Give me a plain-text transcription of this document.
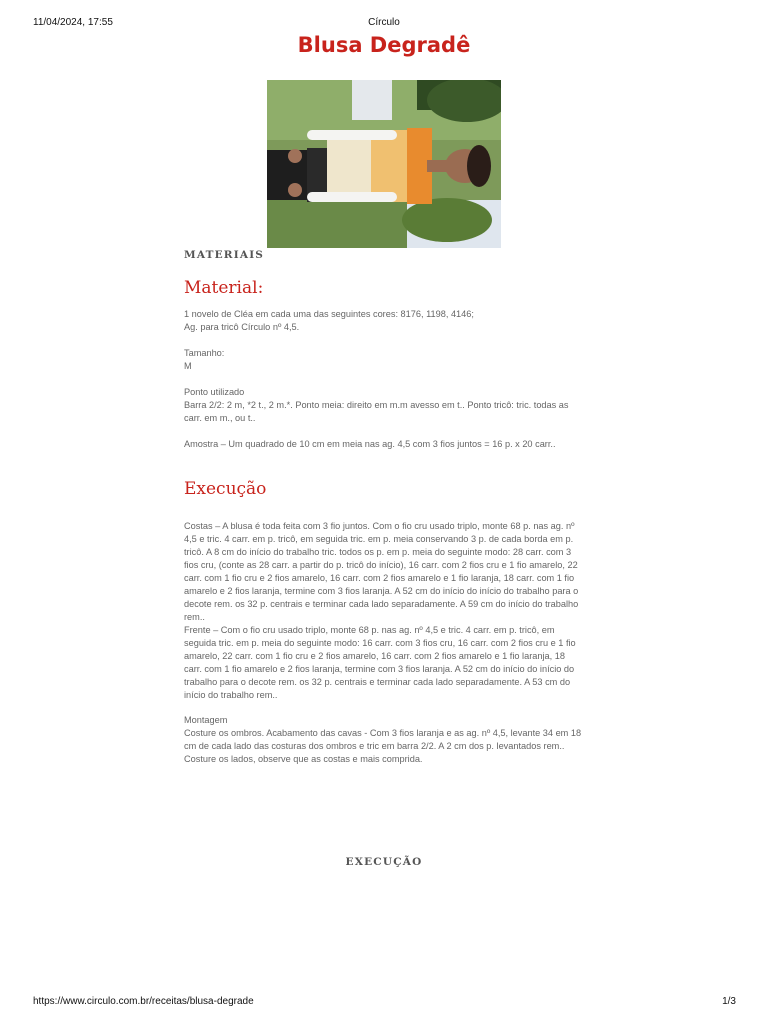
11/04/2024, 17:55	Círculo
Blusa Degradê
MATERIAIS
Material:

1 novelo de Cléa em cada uma das seguintes cores: 8176, 1198, 4146;

Ag. para tricô Círculo nº 4,5.

Tamanho:

M

Ponto utilizado

Barra 2/2: 2 m, *2 t., 2 m.*. Ponto meia: direito em m.m avesso em t.. Ponto tricô: tric. todas as carr. em m., ou t..

Amostra – Um quadrado de 10 cm em meia nas ag. 4,5 com 3 fios juntos = 16 p. x 20 carr..

Execução

Costas – A blusa é toda feita com 3 fio juntos. Com o fio cru usado triplo, monte 68 p. nas ag. nº 4,5 e tric. 4 carr. em p. tricô, em seguida tric. em p. meia conservando 3 p. de cada borda em p. tricô. A 8 cm do início do trabalho tric. todos os p. em p. meia do seguinte modo: 28 carr. com 3 fios cru, (conte as 28 carr. a partir do p. tricô do início), 16 carr. com 2 fios cru e 1 fio amarelo, 22 carr. com 1 fio cru e 2 fios amarelo, 16 carr. com 2 fios amarelo e 1 fio laranja, 18 carr. com 1 fio amarelo e 2 fios laranja, termine com 3 fios laranja. A 52 cm do início do início do trabalho para o decote rem. os 32 p. centrais e terminar cada lado separadamente. A 59 cm do início do trabalho rem..

Frente – Com o fio cru usado triplo, monte 68 p. nas ag. nº 4,5 e tric. 4 carr. em p. tricô, em seguida tric. em p. meia do seguinte modo: 16 carr. com 3 fios cru, 16 carr. com 2 fios cru e 1 fio amarelo, 22 carr. com 1 fio cru e 2 fios amarelo, 16 carr. com 2 fios amarelo e 1 fio laranja, 18 carr. com 1 fio amarelo e 2 fios laranja, termine com 3 fios laranja. A 52 cm do início do início do trabalho para o decote rem. os 32 p. centrais e terminar cada lado separadamente. A 53 cm do início do trabalho rem..

Montagem

Costure os ombros. Acabamento das cavas - Com 3 fios laranja e as ag. nº 4,5, levante 34 em 18 cm de cada lado das costuras dos ombros e tric em barra 2/2. A 2 cm dos p. levantados rem.. Costure os lados, observe que as costas e mais comprida.

EXECUÇÃO
https://www.circulo.com.br/receitas/blusa-degrade	1/3
